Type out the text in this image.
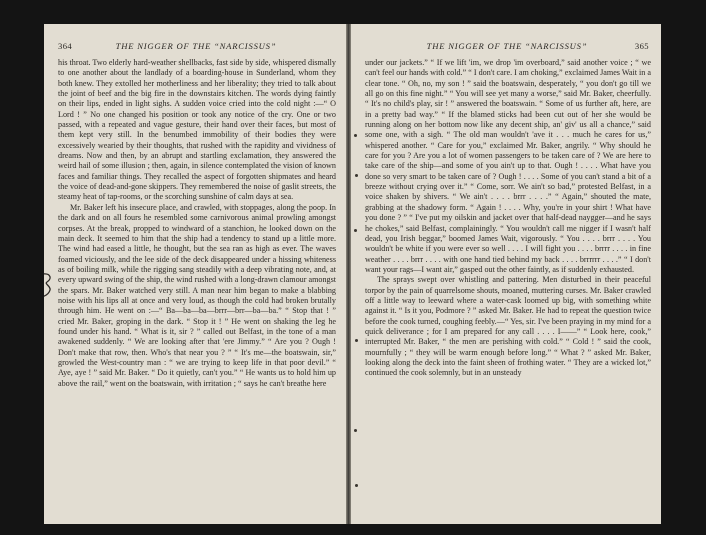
364	THE NIGGER OF THE “NARCISSUS”

his throat. Two elderly hard-weather shellbacks, fast side by side, whispered dismally to one another about the landlady of a boarding-house in Sunderland, whom they both knew. They extolled her motherliness and her liberality; they tried to talk about the joint of beef and the big fire in the downstairs kitchen. The words dying faintly on their lips, ended in light sighs. A sudden voice cried into the cold night :—“ O Lord ! ” No one changed his position or took any notice of the cry. One or two passed, with a repeated and vague gesture, their hand over their faces, but most of them kept very still. In the benumbed immobility of their bodies they were excessively wearied by their thoughts, that rushed with the rapidity and vividness of dreams. Now and then, by an abrupt and startling exclamation, they answered the weird hail of some illusion ; then, again, in silence contemplated the vision of known faces and familiar things. They recalled the aspect of forgotten shipmates and heard the voice of dead-and-gone skippers. They remembered the noise of gaslit streets, the steamy heat of tap-rooms, or the scorching sunshine of calm days at sea.

Mr. Baker left his insecure place, and crawled, with stoppages, along the poop. In the dark and on all fours he resembled some carnivorous animal prowling amongst corpses. At the break, propped to windward of a stanchion, he looked down on the main deck. It seemed to him that the ship had a tendency to stand up a little more. The wind had eased a little, he thought, but the sea ran as high as ever. The waves foamed viciously, and the lee side of the deck disappeared under a hissing whiteness as of boiling milk, while the rigging sang steadily with a deep vibrating note, and, at every upward swing of the ship, the wind rushed with a long-drawn clamour amongst the spars. Mr. Baker watched very still. A man near him began to make a blabbing noise with his lips all at once and very loud, as though the cold had broken brutally through him. He went on :—“ Ba—ba—ba—brrr—brr—ba—ba.” “ Stop that ! ” cried Mr. Baker, groping in the dark. “ Stop it ! ” He went on shaking the leg he found under his hand. “ What is it, sir ? ” called out Belfast, in the tone of a man awakened suddenly. “ We are looking after that 'ere Jimmy.” “ Are you ? Ough ! Don't make that row, then. Who's that near you ? ” “ It's me—the boatswain, sir,” growled the West-country man : “ we are trying to keep life in that poor devil.” “ Aye, aye ! ” said Mr. Baker. “ Do it quietly, can't you.” “ He wants us to hold him up above the rail,” went on the boatswain, with irritation ; “ says he can't breathe here

THE NIGGER OF THE “NARCISSUS”	365

under our jackets.” “ If we lift 'im, we drop 'im overboard,” said another voice ; “ we can't feel our hands with cold.” “ I don't care. I am choking,” exclaimed James Wait in a clear tone. “ Oh, no, my son ! ” said the boatswain, desperately, “ you don't go till we all go on this fine night.” “ You will see yet many a worse,” said Mr. Baker, cheerfully. “ It's no child's play, sir ! ” answered the boatswain. “ Some of us further aft, here, are in a pretty bad way.” “ If the blamed sticks had been cut out of her she would be running along on her bottom now like any decent ship, an' giv' us all a chance,” said some one, with a sigh. “ The old man wouldn't 'ave it . . . much he cares for us,” whispered another. “ Care for you,” exclaimed Mr. Baker, angrily. “ Why should he care for you ? Are you a lot of women passengers to be taken care of ? We are here to take care of the ship—and some of you ain't up to that. Ough ! . . . . What have you done so very smart to be taken care of ? Ough ! . . . . Some of you can't stand a bit of a breeze without crying over it.” “ Come, sorr. We ain't so bad,” protested Belfast, in a voice shaken by shivers. “ We ain't . . . . brrr . . . .” “ Again,” shouted the mate, grabbing at the shadowy form. “ Again ! . . . . Why, you're in your shirt ! What have you done ? ” “ I've put my oilskin and jacket over that half-dead naygger—and he says he chokes,” said Belfast, complainingly. “ You wouldn't call me nigger if I wasn't half dead, you Irish beggar,” boomed James Wait, vigorously. “ You . . . . brrr . . . . You wouldn't be white if you were ever so well . . . . I will fight you . . . . brrrr . . . . in fine weather . . . . brrr . . . . with one hand tied behind my back . . . . brrrrrr . . . .” “ I don't want your rags—I want air,” gasped out the other faintly, as if suddenly exhausted.

The sprays swept over whistling and pattering. Men disturbed in their peaceful torpor by the pain of quarrelsome shouts, moaned, muttering curses. Mr. Baker crawled off a little way to leeward where a water-cask loomed up big, with something white against it. “ Is it you, Podmore ? ” asked Mr. Baker. He had to repeat the question twice before the cook turned, coughing feebly.—“ Yes, sir. I've been praying in my mind for a quick deliverance ; for I am prepared for any call . . . . I——” “ Look here, cook,” interrupted Mr. Baker, “ the men are perishing with cold.” “ Cold ! ” said the cook, mournfully ; “ they will be warm enough before long.” “ What ? ” asked Mr. Baker, looking along the deck into the faint sheen of frothing water. “ They are a wicked lot,” continued the cook solemnly, but in an unsteady
